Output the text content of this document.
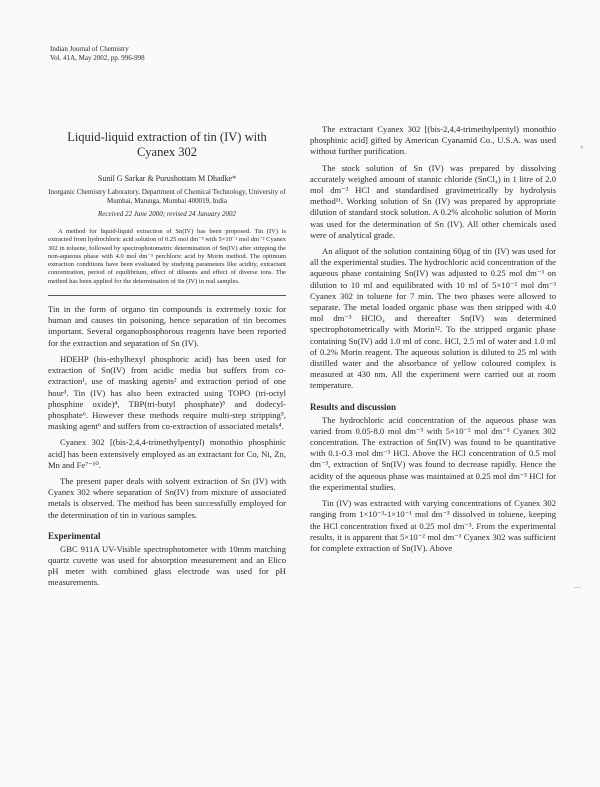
Indian Journal of Chemistry
Vol. 41A, May 2002, pp. 996-998
Liquid-liquid extraction of tin (IV) with Cyanex 302
Sunil G Sarkar & Purushottam M Dhadke*
Inorganic Chemistry Laboratory, Department of Chemical Technology, University of Mumbai, Matunga, Mumbai 400019, India
Received 22 June 2000; revised 24 January 2002
A method for liquid-liquid extraction of Sn(IV) has been proposed. Tin (IV) is extracted from hydrochloric acid solution of 0.25 mol dm⁻³ with 5×10⁻² mol dm⁻³ Cyanex 302 in toluene, followed by spectrophotometric determination of Sn(IV) after stripping the non-aqueous phase with 4.0 mol dm⁻³ perchloric acid by Morin method. The optimum extraction conditions have been evaluated by studying parameters like acidity, extractant concentration, period of equilibrium, effect of diluents and effect of diverse ions. The method has been applied for the determination of Sn (IV) in real samples.

Tin in the form of organo tin compounds is extremely toxic for human and causes tin poisoning, hence separation of tin becomes important. Several organophosphorous reagents have been reported for the extraction and separation of Sn (IV).

HDEHP (bis-ethylhexyl phosphoric acid) has been used for extraction of Sn(IV) from acidic media but suffers from co-extraction¹, use of masking agents² and extraction period of one hour³. Tin (IV) has also been extracted using TOPO (tri-octyl phosphine oxide)⁴, TBP(tri-butyl phosphate)⁵ and dodecyl-phosphate⁶. However these methods require multi-step stripping⁵, masking agent⁶ and suffers from co-extraction of associated metals⁴.

Cyanex 302 [(bis-2,4,4-trimethylpentyl) monothio phosphinic acid] has been extensively employed as an extractant for Co, Ni, Zn, Mn and Fe⁷⁻¹⁰.

The present paper deals with solvent extraction of Sn (IV) with Cyanex 302 where separation of Sn(IV) from mixture of associated metals is observed. The method has been successfully employed for the determination of tin in various samples.

Experimental

GBC 911A UV-Visible spectrophotometer with 10mm matching quartz cuvette was used for absorption measurement and an Elico pH meter with combined glass electrode was used for pH measurements.

The extractant Cyanex 302 [(bis-2,4,4-trimethylpentyl) monothio phosphinic acid] gifted by American Cyanamid Co., U.S.A. was used without further purification.

The stock solution of Sn (IV) was prepared by dissolving accurately weighed amount of stannic chloride (SnCl₄) in 1 litre of 2.0 mol dm⁻³ HCl and standardised gravimetrically by hydrolysis method¹¹. Working solution of Sn (IV) was prepared by appropriate dilution of standard stock solution. A 0.2% alcoholic solution of Morin was used for the determination of Sn (IV). All other chemicals used were of analytical grade.

An aliquot of the solution containing 60μg of tin (IV) was used for all the experimental studies. The hydrochloric acid concentration of the aqueous phase containing Sn(IV) was adjusted to 0.25 mol dm⁻³ on dilution to 10 ml and equilibrated with 10 ml of 5×10⁻² mol dm⁻³ Cyanex 302 in toluene for 7 min. The two phases were allowed to separate. The metal loaded organic phase was then stripped with 4.0 mol dm⁻³ HClO₄ and thereafter Sn(IV) was determined spectrophotometrically with Morin¹². To the stripped organic phase containing Sn(IV) add 1.0 ml of conc. HCl, 2.5 ml of water and 1.0 ml of 0.2% Morin reagent. The aqueous solution is diluted to 25 ml with distilled water and the absorbance of yellow coloured complex is measured at 430 nm. All the experiment were carried out at room temperature.

Results and discussion

The hydrochloric acid concentration of the aqueous phase was varied from 0.05-8.0 mol dm⁻³ with 5×10⁻² mol dm⁻³ Cyanex 302 concentration. The extraction of Sn(IV) was found to be quantitative with 0.1-0.3 mol dm⁻³ HCl. Above the HCl concentration of 0.5 mol dm⁻³, extraction of Sn(IV) was found to decrease rapidly. Hence the acidity of the aqueous phase was maintained at 0.25 mol dm⁻³ HCl for the experimental studies.

Tin (IV) was extracted with varying concentrations of Cyanex 302 ranging from 1×10⁻³-1×10⁻¹ mol dm⁻³ dissolved in toluene, keeping the HCl concentration fixed at 0.25 mol dm⁻³. From the experimental results, it is apparent that 5×10⁻² mol dm⁻³ Cyanex 302 was sufficient for complete extraction of Sn(IV). Above

»
—
